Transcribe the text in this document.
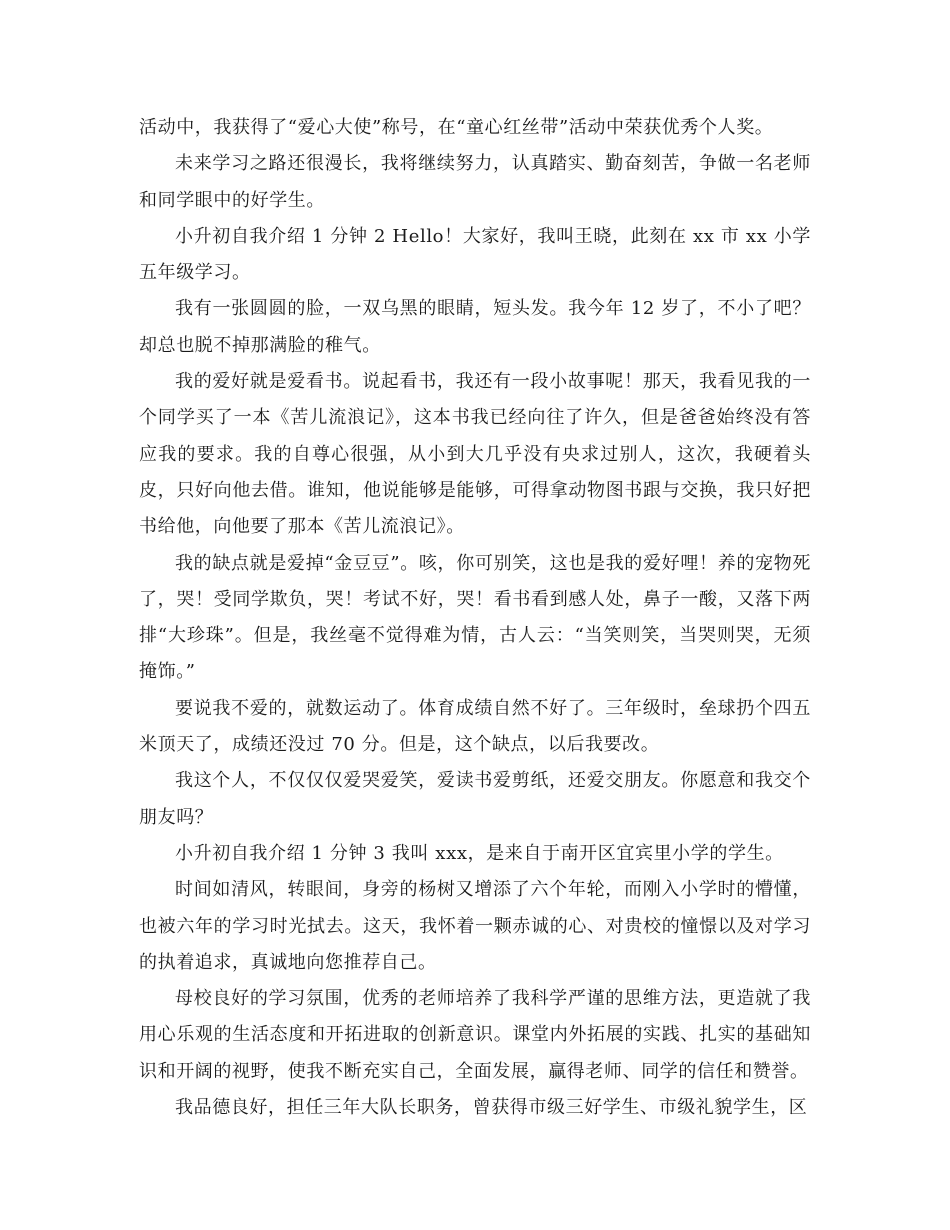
活动中，我获得了“爱心大使”称号，在“童心红丝带”活动中荣获优秀个人奖。

未来学习之路还很漫长，我将继续努力，认真踏实、勤奋刻苦，争做一名老师和同学眼中的好学生。

小升初自我介绍 1 分钟 2 Hello！大家好，我叫王晓，此刻在 xx 市 xx 小学五年级学习。

我有一张圆圆的脸，一双乌黑的眼睛，短头发。我今年 12 岁了，不小了吧？却总也脱不掉那满脸的稚气。

我的爱好就是爱看书。说起看书，我还有一段小故事呢！那天，我看见我的一个同学买了一本《苦儿流浪记》，这本书我已经向往了许久，但是爸爸始终没有答应我的要求。我的自尊心很强，从小到大几乎没有央求过别人，这次，我硬着头皮，只好向他去借。谁知，他说能够是能够，可得拿动物图书跟与交换，我只好把书给他，向他要了那本《苦儿流浪记》。

我的缺点就是爱掉“金豆豆”。咳，你可别笑，这也是我的爱好哩！养的宠物死了，哭！受同学欺负，哭！考试不好，哭！看书看到感人处，鼻子一酸，又落下两排“大珍珠”。但是，我丝毫不觉得难为情，古人云：“当笑则笑，当哭则哭，无须掩饰。”

要说我不爱的，就数运动了。体育成绩自然不好了。三年级时，垒球扔个四五米顶天了，成绩还没过 70 分。但是，这个缺点，以后我要改。

我这个人，不仅仅仅爱哭爱笑，爱读书爱剪纸，还爱交朋友。你愿意和我交个朋友吗？

小升初自我介绍 1 分钟 3 我叫 xxx，是来自于南开区宜宾里小学的学生。

时间如清风，转眼间，身旁的杨树又增添了六个年轮，而刚入小学时的懵懂，也被六年的学习时光拭去。这天，我怀着一颗赤诚的心、对贵校的憧憬以及对学习的执着追求，真诚地向您推荐自己。

母校良好的学习氛围，优秀的老师培养了我科学严谨的思维方法，更造就了我用心乐观的生活态度和开拓进取的创新意识。课堂内外拓展的实践、扎实的基础知识和开阔的视野，使我不断充实自己，全面发展，赢得老师、同学的信任和赞誉。

我品德良好，担任三年大队长职务，曾获得市级三好学生、市级礼貌学生，区
